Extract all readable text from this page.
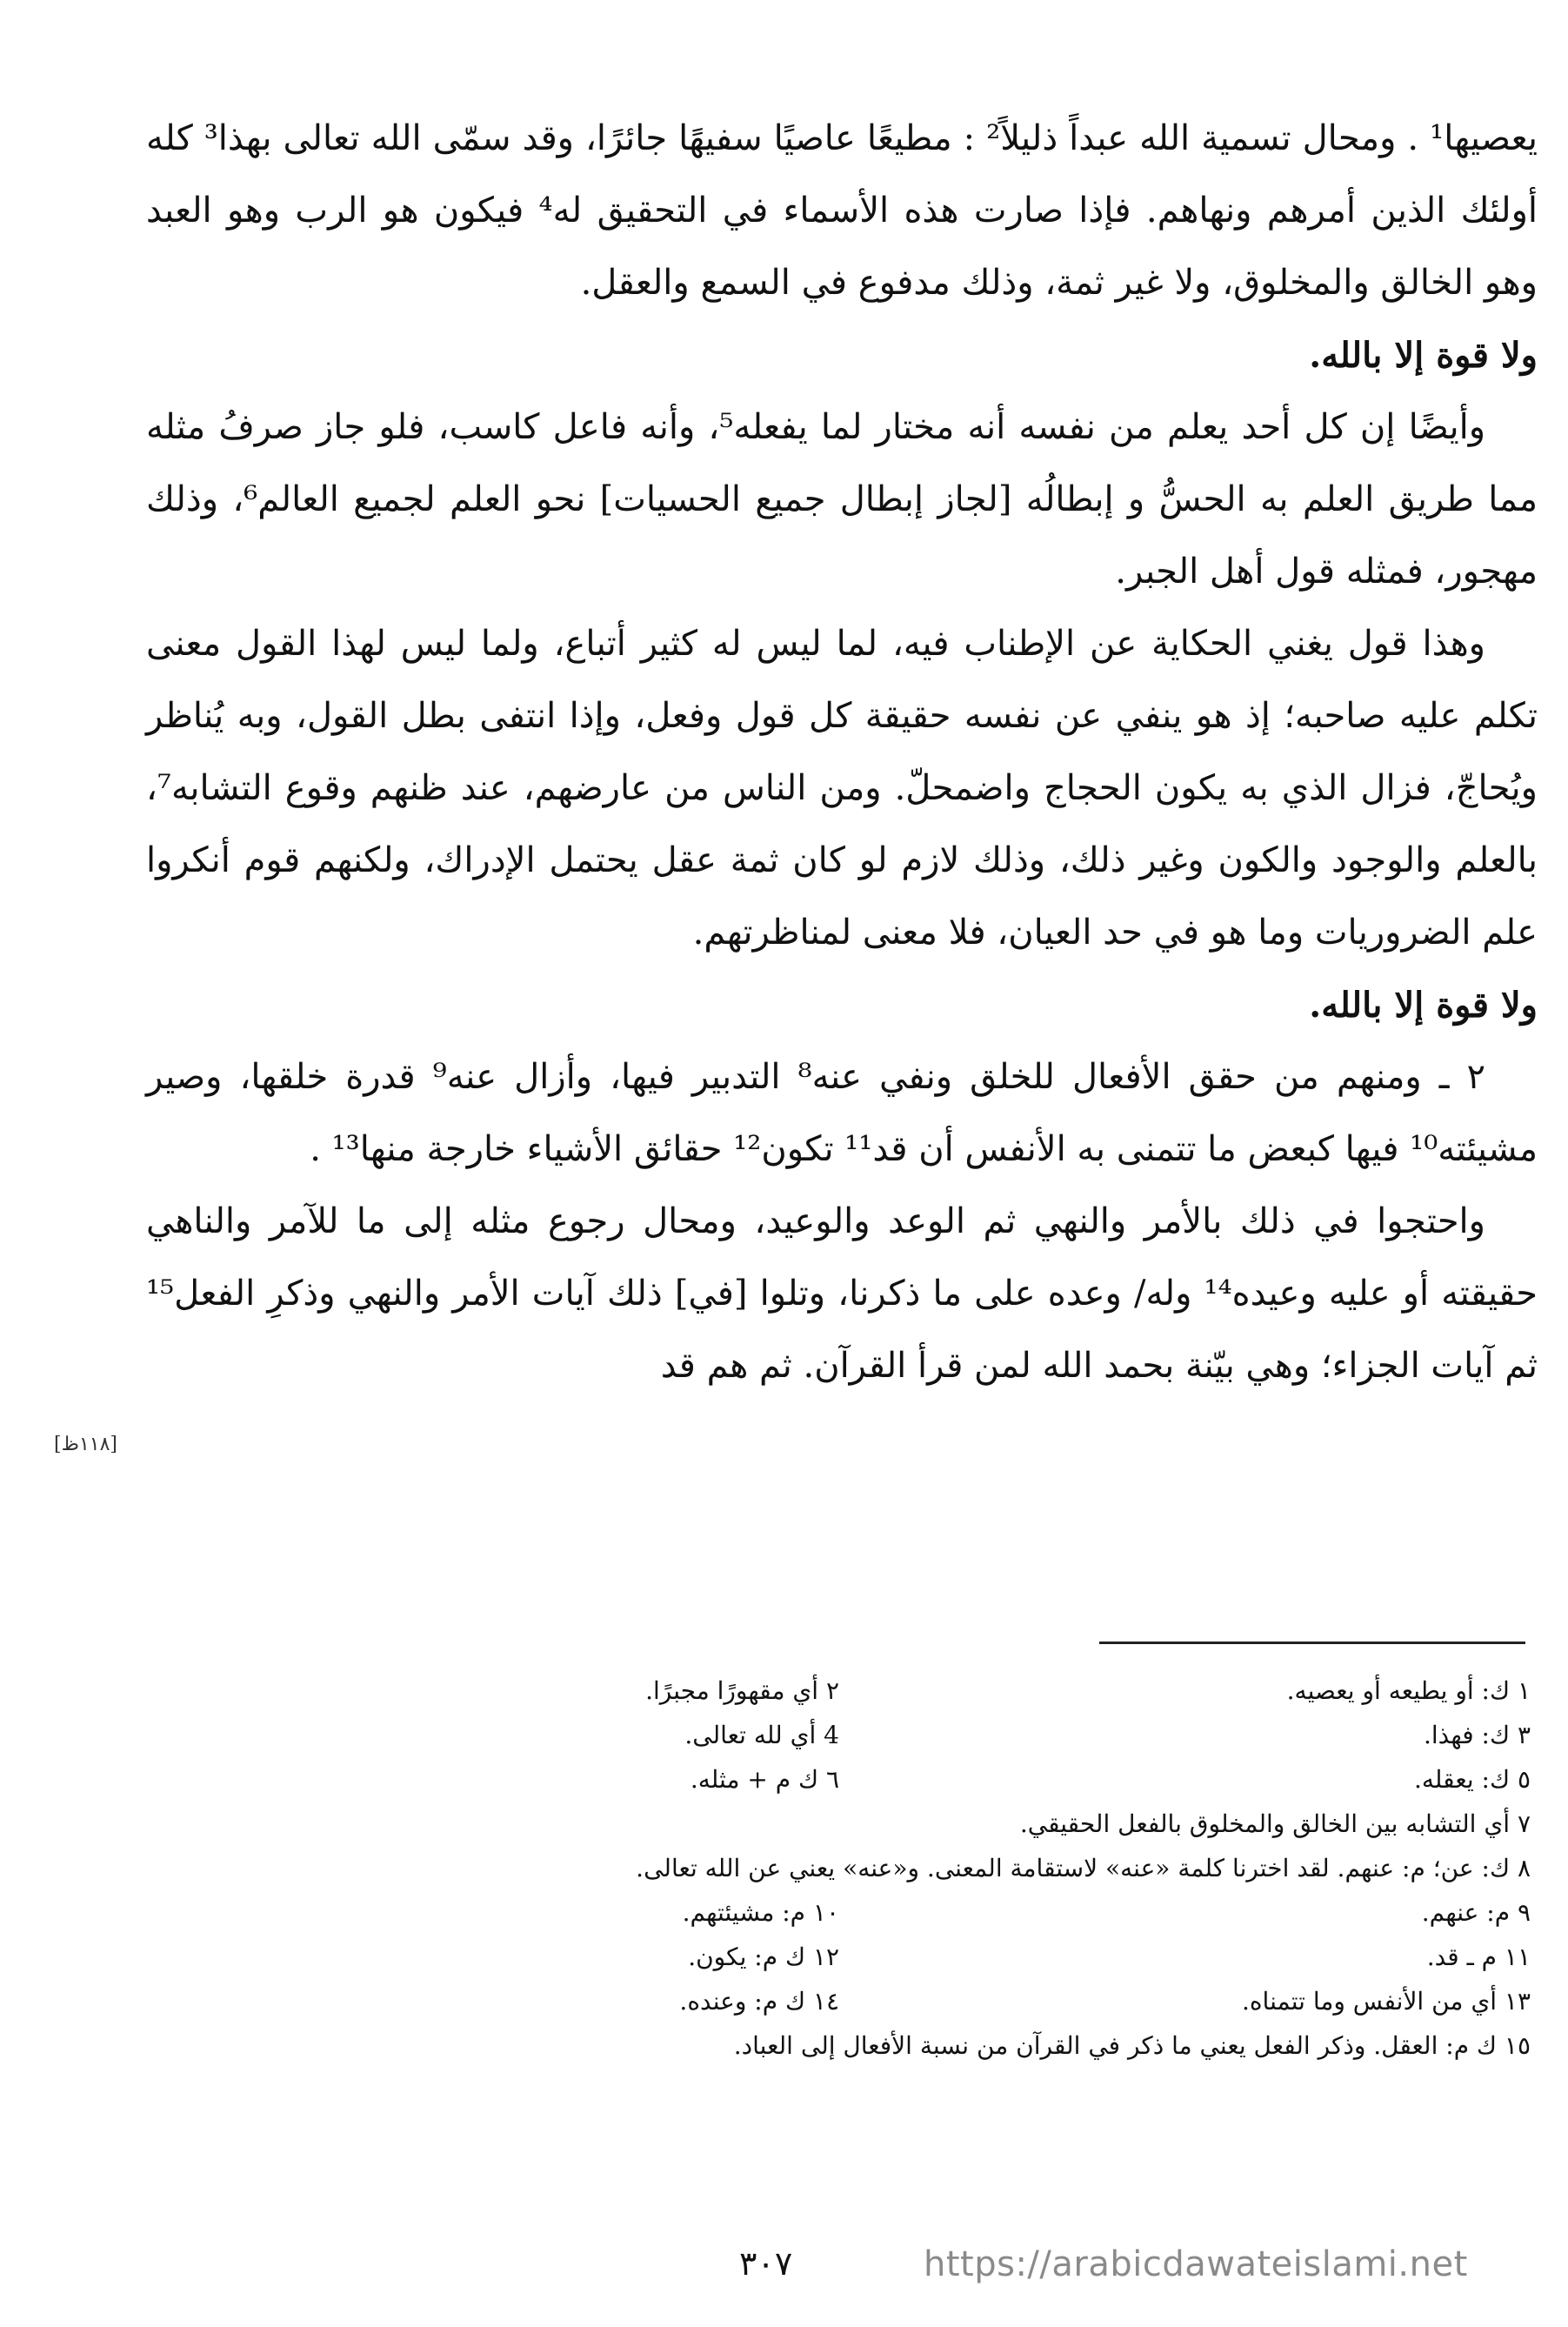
يعصيها¹ . ومحال تسمية الله عبداً ذليلاً² : مطيعًا عاصيًا سفيهًا جائرًا، وقد سمّى الله تعالى بهذا³ كله أولئك الذين أمرهم ونهاهم. فإذا صارت هذه الأسماء في التحقيق له⁴ فيكون هو الرب وهو العبد وهو الخالق والمخلوق، ولا غير ثمة، وذلك مدفوع في السمع والعقل.

ولا قوة إلا بالله.

وأيضًا إن كل أحد يعلم من نفسه أنه مختار لما يفعله⁵، وأنه فاعل كاسب، فلو جاز صرفُ مثله مما طريق العلم به الحسُّ و إبطالُه [لجاز إبطال جميع الحسيات] نحو العلم لجميع العالم⁶، وذلك مهجور، فمثله قول أهل الجبر.

وهذا قول يغني الحكاية عن الإطناب فيه، لما ليس له كثير أتباع، ولما ليس لهذا القول معنى تكلم عليه صاحبه؛ إذ هو ينفي عن نفسه حقيقة كل قول وفعل، وإذا انتفى بطل القول، وبه يُناظر ويُحاجّ، فزال الذي به يكون الحجاج واضمحلّ. ومن الناس من عارضهم، عند ظنهم وقوع التشابه⁷، بالعلم والوجود والكون وغير ذلك، وذلك لازم لو كان ثمة عقل يحتمل الإدراك، ولكنهم قوم أنكروا علم الضروريات وما هو في حد العيان، فلا معنى لمناظرتهم.

ولا قوة إلا بالله.

٢ ـ ومنهم من حقق الأفعال للخلق ونفي عنه⁸ التدبير فيها، وأزال عنه⁹ قدرة خلقها، وصير مشيئته¹⁰ فيها كبعض ما تتمنى به الأنفس أن قد¹¹ تكون¹² حقائق الأشياء خارجة منها¹³ .

واحتجوا في ذلك بالأمر والنهي ثم الوعد والوعيد، ومحال رجوع مثله إلى ما للآمر والناهي حقيقته أو عليه وعيده¹⁴ وله/ وعده على ما ذكرنا، وتلوا [في] ذلك آيات الأمر والنهي وذكرِ الفعل¹⁵ ثم آيات الجزاء؛ وهي بيّنة بحمد الله لمن قرأ القرآن. ثم هم قد

[١١٨ظ]
١ ك: أو يطيعه أو يعصيه.
٢ أي مقهورًا مجبرًا.
٣ ك: فهذا.
4 أي لله تعالى.
٥ ك: يعقله.
٦ ك م + مثله.
٧ أي التشابه بين الخالق والمخلوق بالفعل الحقيقي.
٨ ك: عن؛ م: عنهم. لقد اخترنا كلمة «عنه» لاستقامة المعنى. و«عنه» يعني عن الله تعالى.
٩ م: عنهم.
١٠ م: مشيئتهم.
١١ م ـ قد.
١٢ ك م: يكون.
١٣ أي من الأنفس وما تتمناه.
١٤ ك م: وعنده.
١٥ ك م: العقل. وذكر الفعل يعني ما ذكر في القرآن من نسبة الأفعال إلى العباد.
٣٠٧	https://arabicdawateislami.net
